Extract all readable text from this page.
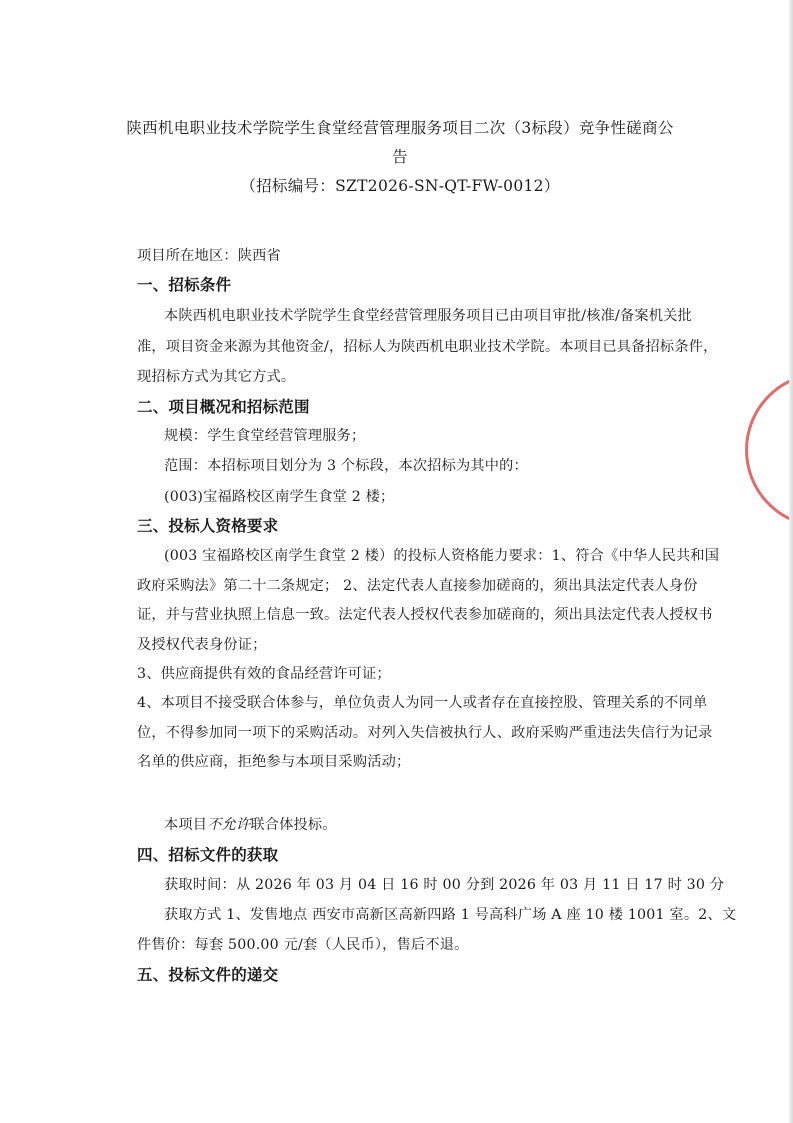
陕西机电职业技术学院学生食堂经营管理服务项目二次（3标段）竞争性磋商公
告
（招标编号：SZT2026-SN-QT-FW-0012）
项目所在地区：陕西省
一、招标条件
本陕西机电职业技术学院学生食堂经营管理服务项目已由项目审批/核准/备案机关批
准，项目资金来源为其他资金/，招标人为陕西机电职业技术学院。本项目已具备招标条件，
现招标方式为其它方式。
二、项目概况和招标范围
规模：学生食堂经营管理服务；
范围：本招标项目划分为 3 个标段，本次招标为其中的：
(003)宝福路校区南学生食堂 2 楼；
三、投标人资格要求
(003 宝福路校区南学生食堂 2 楼）的投标人资格能力要求：1、符合《中华人民共和国
政府采购法》第二十二条规定； 2、法定代表人直接参加磋商的，须出具法定代表人身份
证，并与营业执照上信息一致。法定代表人授权代表参加磋商的，须出具法定代表人授权书
及授权代表身份证；
3、供应商提供有效的食品经营许可证；
4、本项目不接受联合体参与，单位负责人为同一人或者存在直接控股、管理关系的不同单
位，不得参加同一项下的采购活动。对列入失信被执行人、政府采购严重违法失信行为记录
名单的供应商，拒绝参与本项目采购活动；
本项目不允许联合体投标。
四、招标文件的获取
获取时间：从 2026 年 03 月 04 日 16 时 00 分到 2026 年 03 月 11 日 17 时 30 分
获取方式 1、发售地点 西安市高新区高新四路 1 号高科广场 A 座 10 楼 1001 室。2、文
件售价：每套 500.00 元/套（人民币），售后不退。
五、投标文件的递交
